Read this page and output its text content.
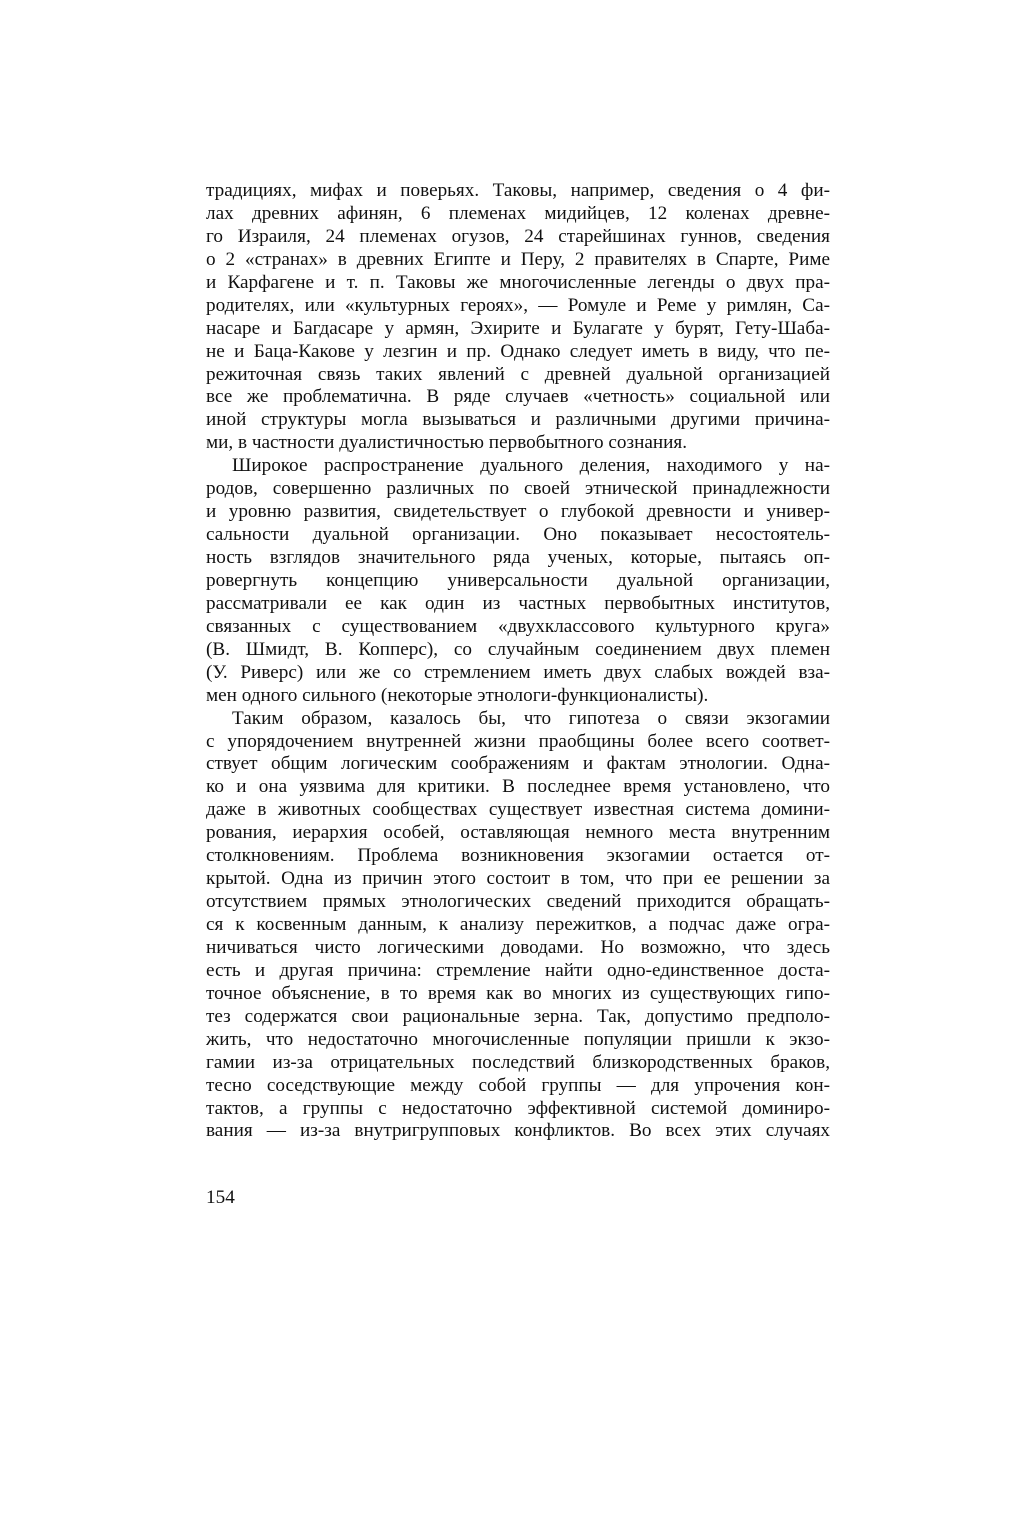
традициях, мифах и поверьях. Таковы, например, сведения о 4 фи-
лах древних афинян, 6 племенах мидийцев, 12 коленах древне-
го Израиля, 24 племенах огузов, 24 старейшинах гуннов, сведения
о 2 «странах» в древних Египте и Перу, 2 правителях в Спарте, Риме
и Карфагене и т. п. Таковы же многочисленные легенды о двух пра-
родителях, или «культурных героях», — Ромуле и Реме у римлян, Са-
насаре и Багдасаре у армян, Эхирите и Булагате у бурят, Гету-Шаба-
не и Баца-Какове у лезгин и пр. Однако следует иметь в виду, что пе-
режиточная связь таких явлений с древней дуальной организацией
все же проблематична. В ряде случаев «четность» социальной или
иной структуры могла вызываться и различными другими причина-
ми, в частности дуалистичностью первобытного сознания.
Широкое распространение дуального деления, находимого у на-
родов, совершенно различных по своей этнической принадлежности
и уровню развития, свидетельствует о глубокой древности и универ-
сальности дуальной организации. Оно показывает несостоятель-
ность взглядов значительного ряда ученых, которые, пытаясь оп-
ровергнуть концепцию универсальности дуальной организации,
рассматривали ее как один из частных первобытных институтов,
связанных с существованием «двухклассового культурного круга»
(В. Шмидт, В. Копперс), со случайным соединением двух племен
(У. Риверс) или же со стремлением иметь двух слабых вождей вза-
мен одного сильного (некоторые этнологи-функционалисты).
Таким образом, казалось бы, что гипотеза о связи экзогамии
с упорядочением внутренней жизни праобщины более всего соответ-
ствует общим логическим соображениям и фактам этнологии. Одна-
ко и она уязвима для критики. В последнее время установлено, что
даже в животных сообществах существует известная система домини-
рования, иерархия особей, оставляющая немного места внутренним
столкновениям. Проблема возникновения экзогамии остается от-
крытой. Одна из причин этого состоит в том, что при ее решении за
отсутствием прямых этнологических сведений приходится обращать-
ся к косвенным данным, к анализу пережитков, а подчас даже огра-
ничиваться чисто логическими доводами. Но возможно, что здесь
есть и другая причина: стремление найти одно-единственное доста-
точное объяснение, в то время как во многих из существующих гипо-
тез содержатся свои рациональные зерна. Так, допустимо предполо-
жить, что недостаточно многочисленные популяции пришли к экзо-
гамии из-за отрицательных последствий близкородственных браков,
тесно соседствующие между собой группы — для упрочения кон-
тактов, а группы с недостаточно эффективной системой доминиро-
вания — из-за внутригрупповых конфликтов. Во всех этих случаях
154
